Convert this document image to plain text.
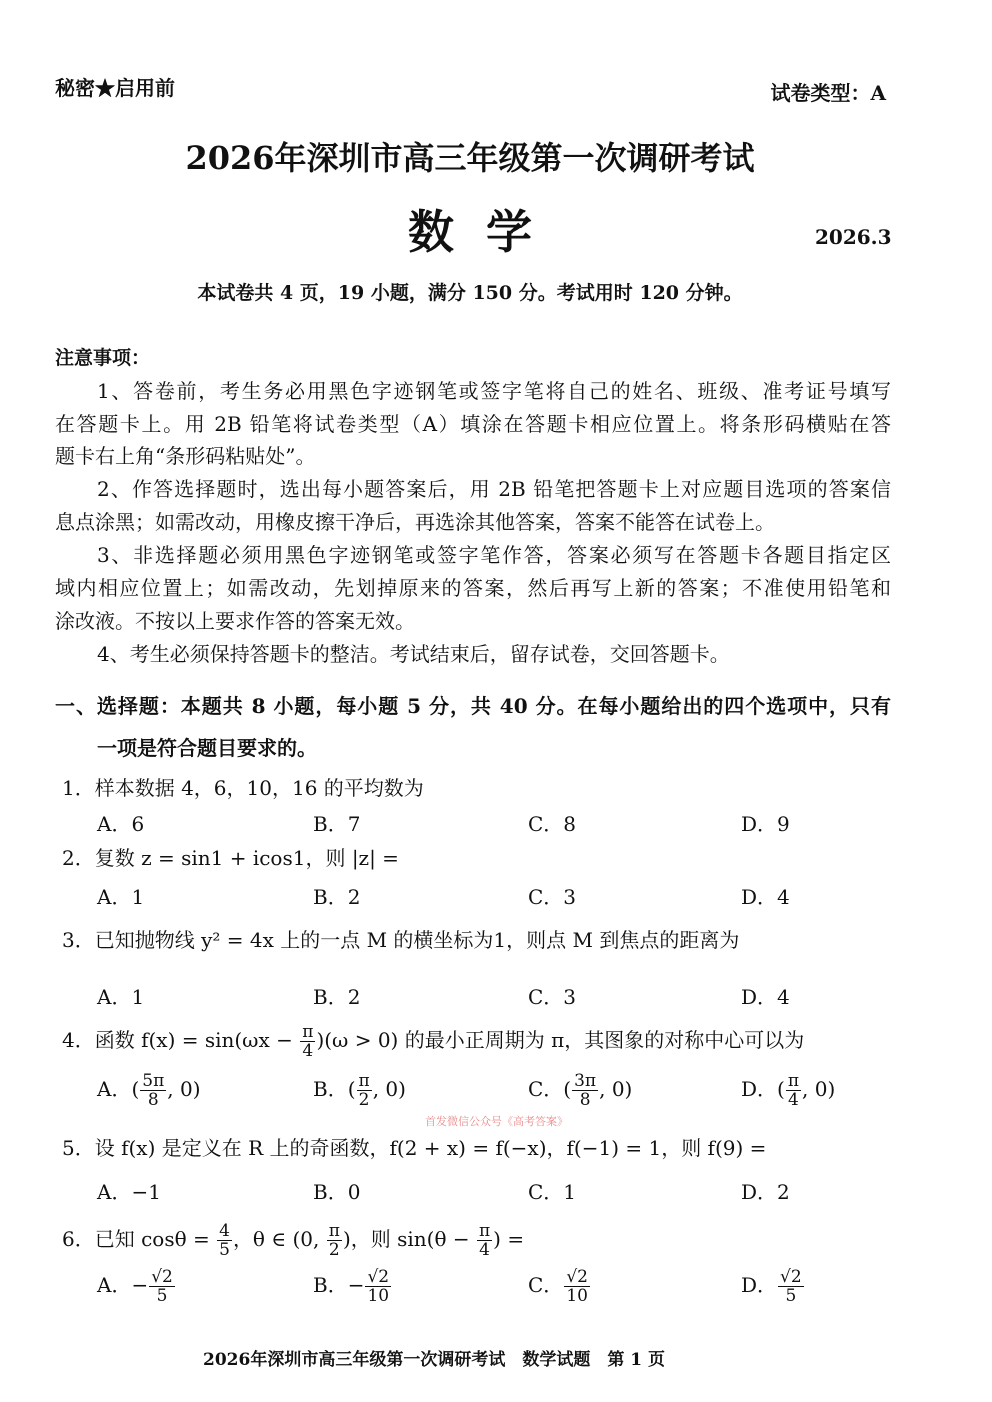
秘密★启用前	试卷类型：A
2026年深圳市高三年级第一次调研考试
数  学	2026.3
本试卷共 4 页，19 小题，满分 150 分。考试用时 120 分钟。
注意事项：
1、答卷前，考生务必用黑色字迹钢笔或签字笔将自己的姓名、班级、准考证号填写
在答题卡上。用 2B 铅笔将试卷类型（A）填涂在答题卡相应位置上。将条形码横贴在答
题卡右上角“条形码粘贴处”。
2、作答选择题时，选出每小题答案后，用 2B 铅笔把答题卡上对应题目选项的答案信
息点涂黑；如需改动，用橡皮擦干净后，再选涂其他答案，答案不能答在试卷上。
3、非选择题必须用黑色字迹钢笔或签字笔作答，答案必须写在答题卡各题目指定区
域内相应位置上；如需改动，先划掉原来的答案，然后再写上新的答案；不准使用铅笔和
涂改液。不按以上要求作答的答案无效。
4、考生必须保持答题卡的整洁。考试结束后，留存试卷，交回答题卡。
一、选择题：本题共 8 小题，每小题 5 分，共 40 分。在每小题给出的四个选项中，只有
一项是符合题目要求的。
1．样本数据 4，6，10，16 的平均数为
A．6	B．7	C．8	D．9
2．复数 z = sin1 + icos1，则 |z| =
A．1	B．2	C．3	D．4
3．已知抛物线 y² = 4x 上的一点 M 的横坐标为1，则点 M 到焦点的距离为
A．1	B．2	C．3	D．4
4．函数 $f(x) = \sin(\omega x - \frac{\pi}{4} )(\omega > 0)$ 的最小正周期为 π，其图象的对称中心可以为
A．( $\frac{5\pi}{8}$ , 0)	B．( $\frac{\pi}{2}$ , 0)	C．( $\frac{3\pi}{8}$ , 0)	D．( $\frac{\pi}{4}$ , 0)
5．设 f(x) 是定义在 R 上的奇函数，f(2 + x) = f(−x)，f(−1) = 1，则 f(9) =
A．−1	B．0	C．1	D．2
6．已知 $\cos\theta = \frac{4}{5}$ ，θ ∈ (0, $\frac{\pi}{2}$ )，则 $\sin(\theta - \frac{\pi}{4}$ ) =
A．− $\frac{√2}{5}$	B．− $\frac{√2}{10}$	C． $\frac{√2}{10}$	D． $\frac{√2}{5}$
首发微信公众号《高考答案》
2026年深圳市高三年级第一次调研考试　数学试题　第 1 页
